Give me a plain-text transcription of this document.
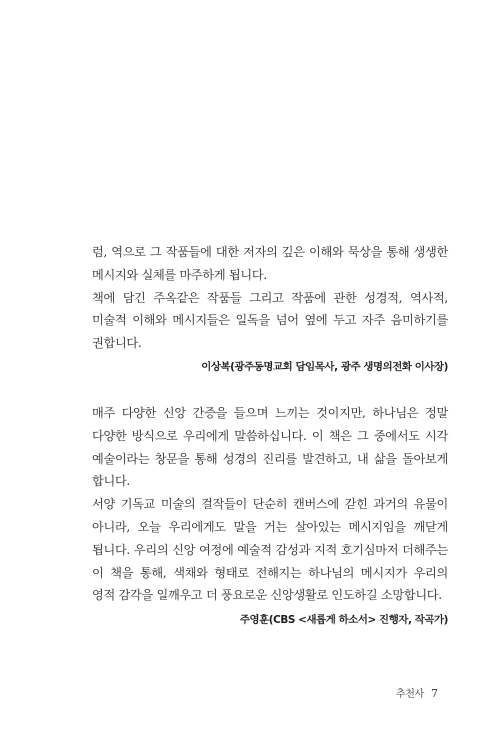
럼, 역으로 그 작품들에 대한 저자의 깊은 이해와 묵상을 통해 생생한 메시지와 실체를 마주하게 됩니다.

책에 담긴 주옥같은 작품들 그리고 작품에 관한 성경적, 역사적, 미술적 이해와 메시지들은 일독을 넘어 옆에 두고 자주 음미하기를 권합니다.

이상복(광주동명교회 담임목사, 광주 생명의전화 이사장)

매주 다양한 신앙 간증을 들으며 느끼는 것이지만, 하나님은 정말 다양한 방식으로 우리에게 말씀하십니다. 이 책은 그 중에서도 시각 예술이라는 창문을 통해 성경의 진리를 발견하고, 내 삶을 돌아보게 합니다.

서양 기독교 미술의 걸작들이 단순히 캔버스에 갇힌 과거의 유물이 아니라, 오늘 우리에게도 말을 거는 살아있는 메시지임을 깨닫게 됩니다. 우리의 신앙 여정에 예술적 감성과 지적 호기심마저 더해주는 이 책을 통해, 색채와 형태로 전해지는 하나님의 메시지가 우리의 영적 감각을 일깨우고 더 풍요로운 신앙생활로 인도하길 소망합니다.

주영훈(CBS <새롭게 하소서> 진행자, 작곡가)

추천사 7
